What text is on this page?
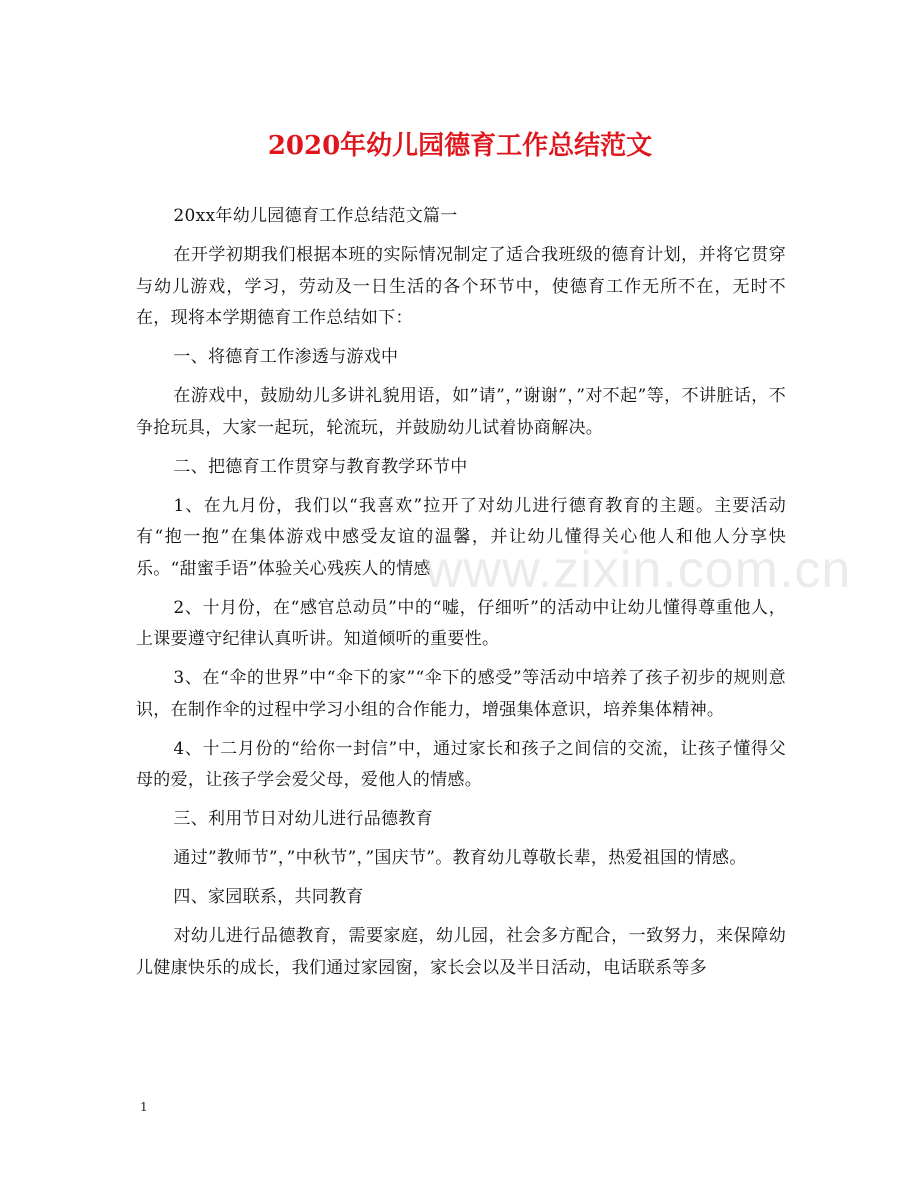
2020年幼儿园德育工作总结范文

20xx年幼儿园德育工作总结范文篇一

在开学初期我们根据本班的实际情况制定了适合我班级的德育计划，并将它贯穿与幼儿游戏，学习，劳动及一日生活的各个环节中，使德育工作无所不在，无时不在，现将本学期德育工作总结如下：

一、将德育工作渗透与游戏中

在游戏中，鼓励幼儿多讲礼貌用语，如”请”，”谢谢”，”对不起”等，不讲脏话，不争抢玩具，大家一起玩，轮流玩，并鼓励幼儿试着协商解决。

二、把德育工作贯穿与教育教学环节中

1、在九月份，我们以“我喜欢”拉开了对幼儿进行德育教育的主题。主要活动有“抱一抱”在集体游戏中感受友谊的温馨，并让幼儿懂得关心他人和他人分享快乐。“甜蜜手语”体验关心残疾人的情感

2、十月份，在“感官总动员”中的“嘘，仔细听”的活动中让幼儿懂得尊重他人，上课要遵守纪律认真听讲。知道倾听的重要性。

3、在“伞的世界”中“伞下的家”“伞下的感受”等活动中培养了孩子初步的规则意识，在制作伞的过程中学习小组的合作能力，增强集体意识，培养集体精神。

4、十二月份的“给你一封信”中，通过家长和孩子之间信的交流，让孩子懂得父母的爱，让孩子学会爱父母，爱他人的情感。

三、利用节日对幼儿进行品德教育

通过”教师节”，”中秋节”，”国庆节”。教育幼儿尊敬长辈，热爱祖国的情感。

四、家园联系，共同教育

对幼儿进行品德教育，需要家庭，幼儿园，社会多方配合，一致努力，来保障幼儿健康快乐的成长，我们通过家园窗，家长会以及半日活动，电话联系等多

www.zixin.com.cn
1
